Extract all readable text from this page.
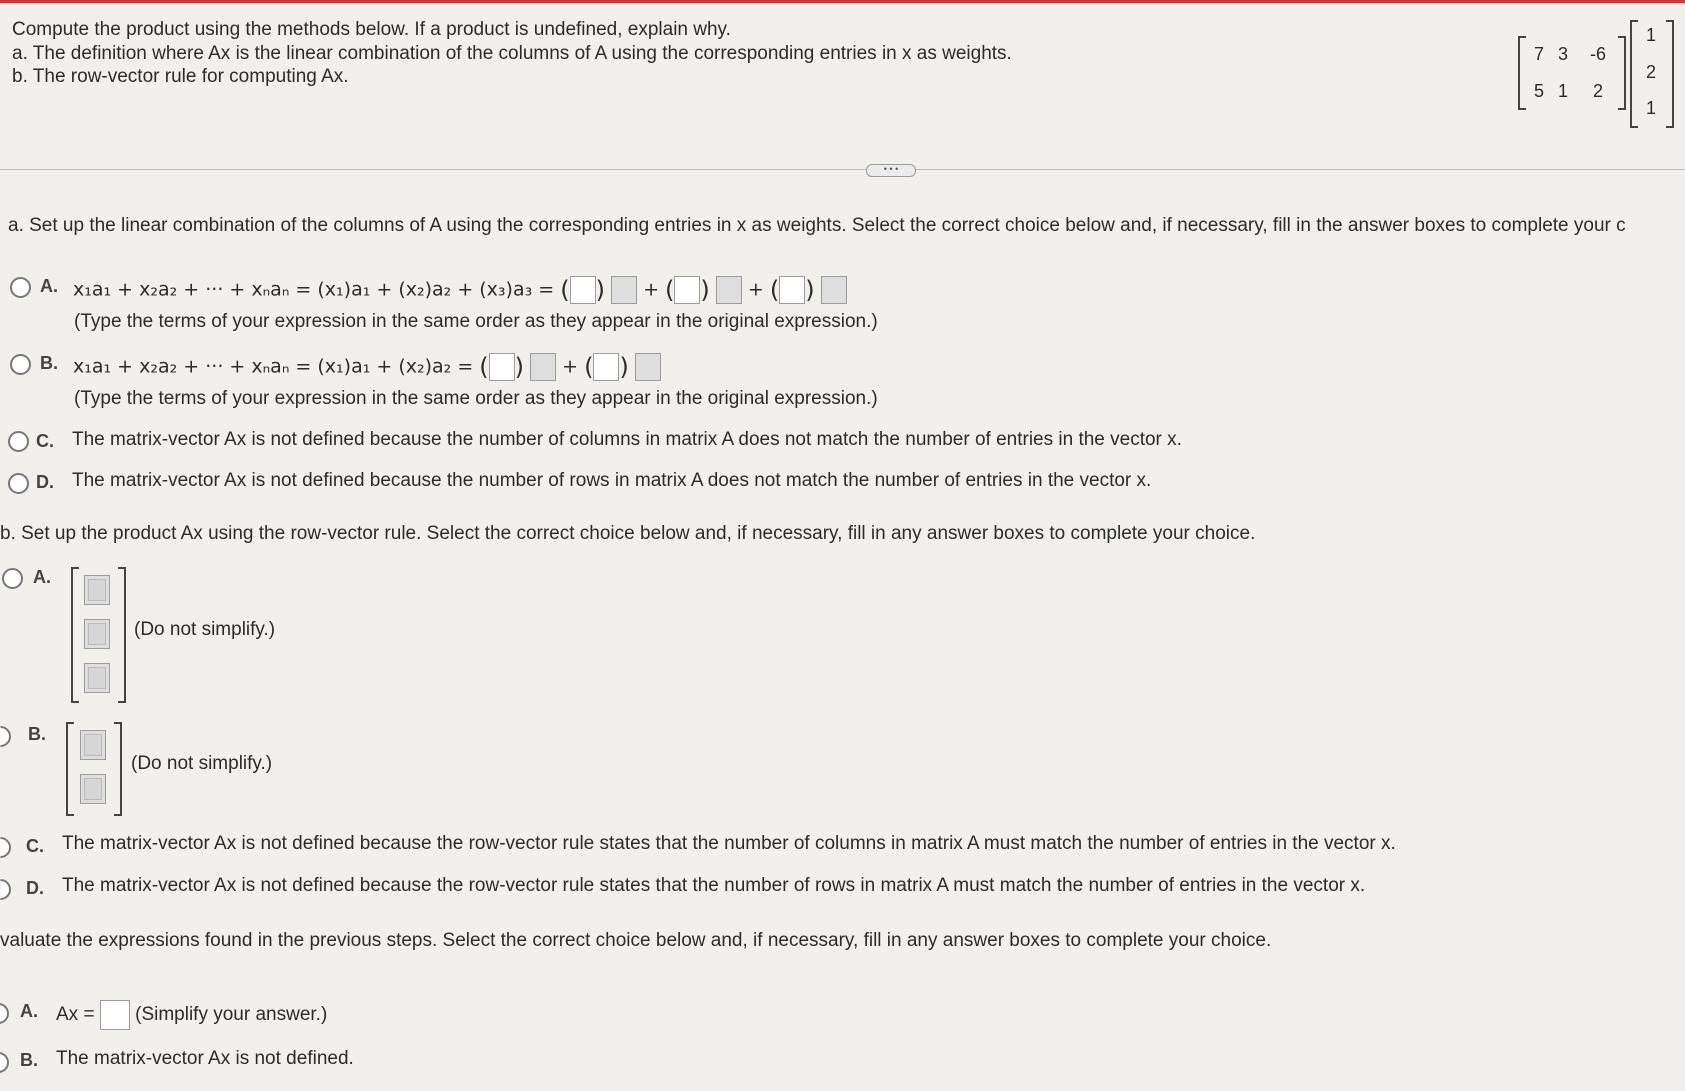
Compute the product using the methods below. If a product is undefined, explain why.
a. The definition where Ax is the linear combination of the columns of A using the corresponding entries in x as weights.
b. The row-vector rule for computing Ax.
7 3	-6
5 1	2
1
2
1
• • •
a. Set up the linear combination of the columns of A using the corresponding entries in x as weights. Select the correct choice below and, if necessary, fill in the answer boxes to complete your c
A. x₁a₁ + x₂a₂ + ··· + xₙaₙ = (x₁)a₁ + (x₂)a₂ + (x₃)a₃ = ( )  + ( )  + ( )
(Type the terms of your expression in the same order as they appear in the original expression.)
B. x₁a₁ + x₂a₂ + ··· + xₙaₙ = (x₁)a₁ + (x₂)a₂ = ( )  + ( )
(Type the terms of your expression in the same order as they appear in the original expression.)
C. The matrix-vector Ax is not defined because the number of columns in matrix A does not match the number of entries in the vector x.
D. The matrix-vector Ax is not defined because the number of rows in matrix A does not match the number of entries in the vector x.
b. Set up the product Ax using the row-vector rule. Select the correct choice below and, if necessary, fill in any answer boxes to complete your choice.
A.
(Do not simplify.)
B.
(Do not simplify.)
C. The matrix-vector Ax is not defined because the row-vector rule states that the number of columns in matrix A must match the number of entries in the vector x.
D. The matrix-vector Ax is not defined because the row-vector rule states that the number of rows in matrix A must match the number of entries in the vector x.
valuate the expressions found in the previous steps. Select the correct choice below and, if necessary, fill in any answer boxes to complete your choice.
A. Ax = (Simplify your answer.)
B. The matrix-vector Ax is not defined.
